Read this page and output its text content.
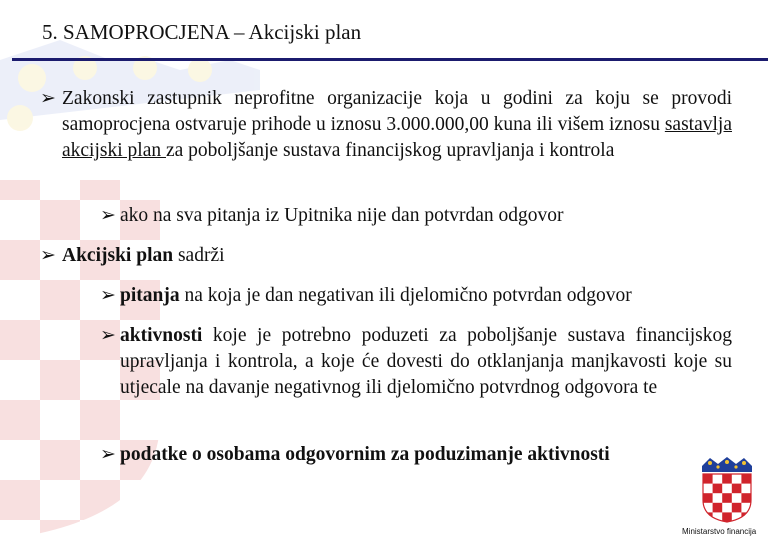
5. SAMOPROCJENA – Akcijski plan
➢ Zakonski zastupnik neprofitne organizacije koja u godini za koju se provodi samoprocjena ostvaruje prihode u iznosu 3.000.000,00 kuna ili višem iznosu sastavlja akcijski plan za poboljšanje sustava financijskog upravljanja i kontrola
➢ ako na sva pitanja iz Upitnika nije dan potvrdan odgovor
➢ Akcijski plan sadrži
➢ pitanja na koja je dan negativan ili djelomično potvrdan odgovor
➢ aktivnosti koje je potrebno poduzeti za poboljšanje sustava financijskog upravljanja i kontrola, a koje će dovesti do otklanjanja manjkavosti koje su utjecale na davanje negativnog ili djelomično potvrdnog odgovora te
➢ podatke o osobama odgovornim za poduzimanje aktivnosti
Ministarstvo financija
